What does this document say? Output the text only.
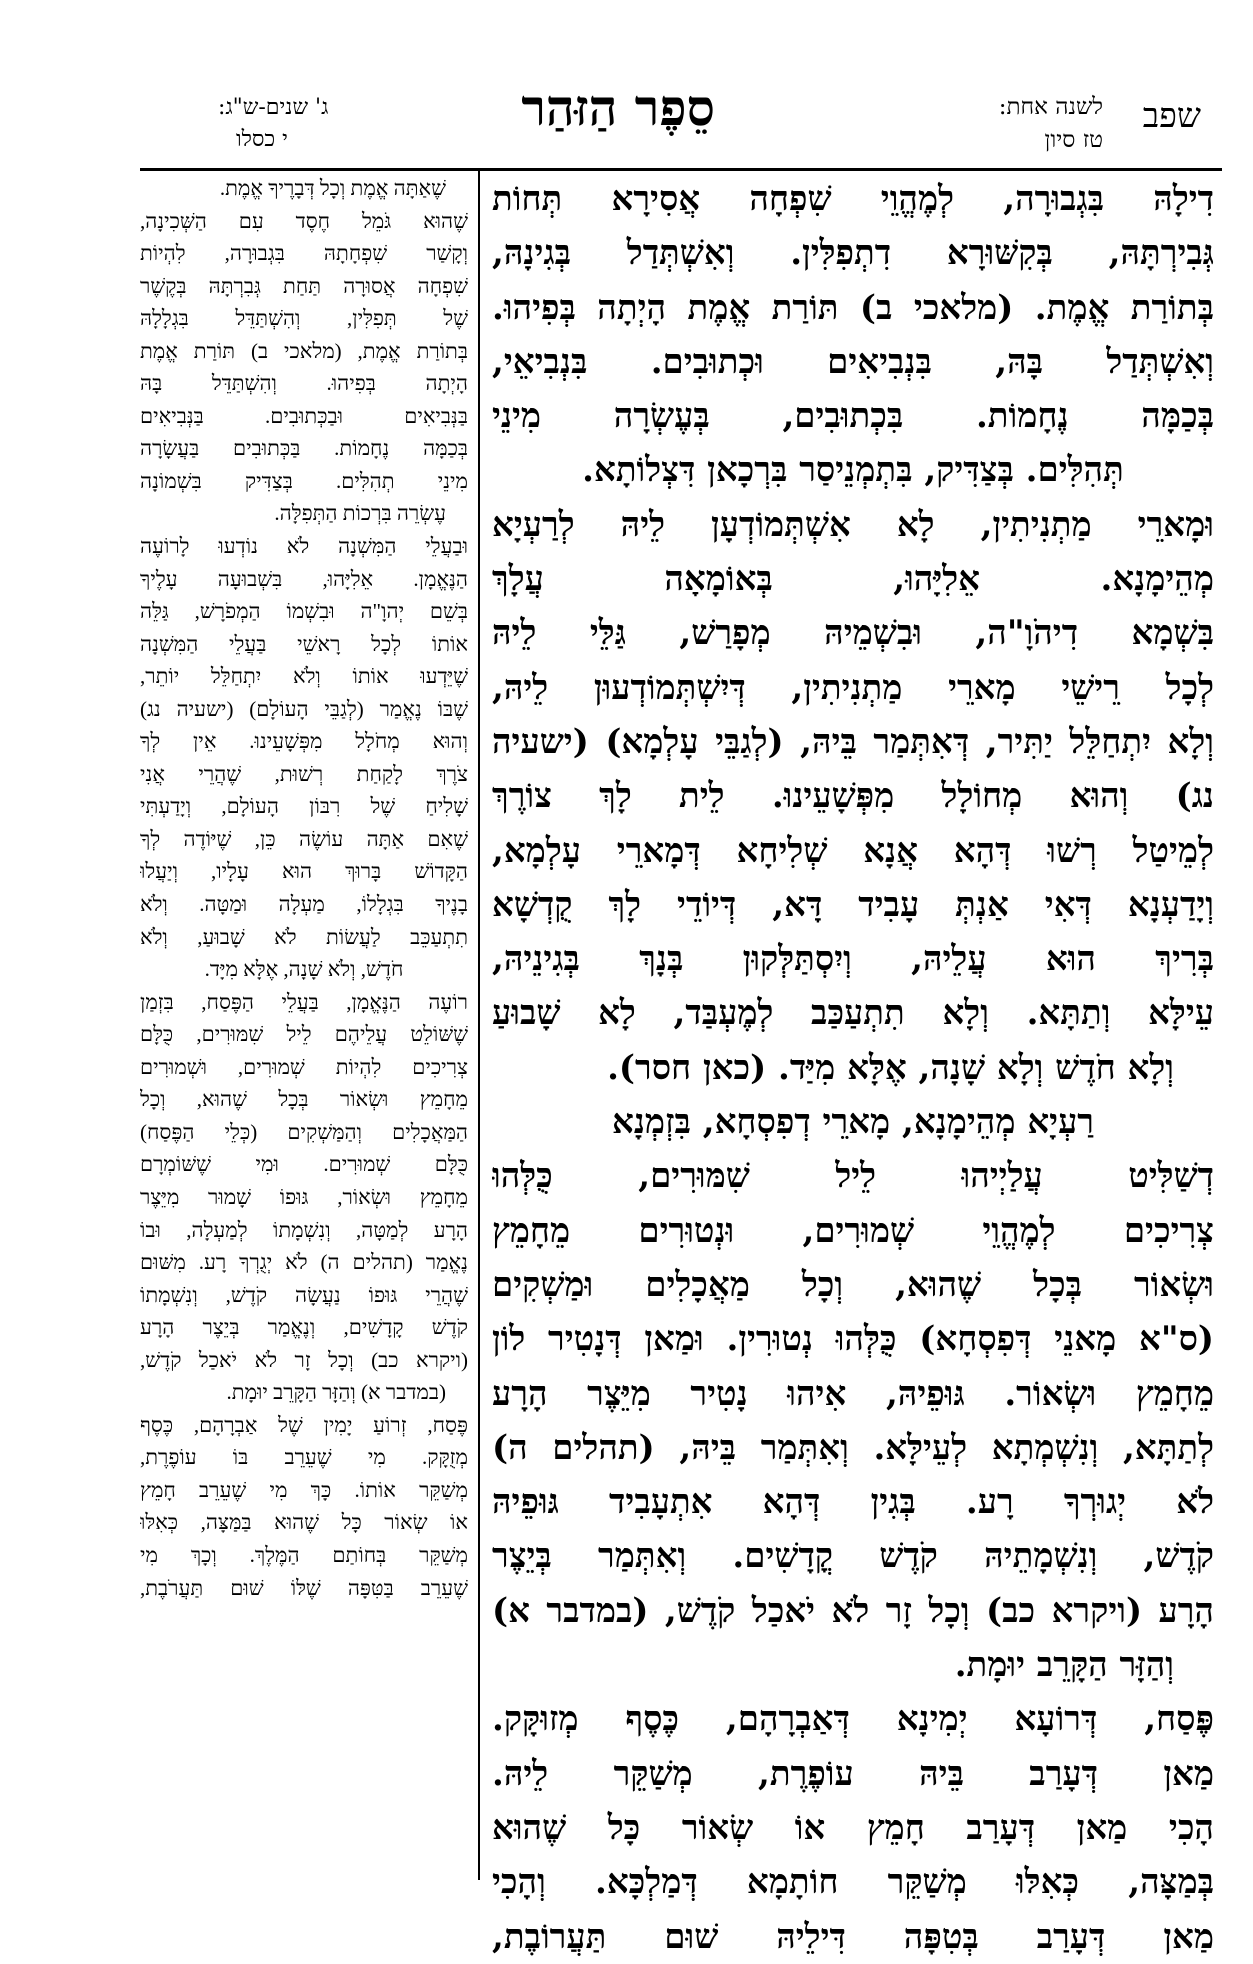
שפב
לשנה אחת:
טז סיון
סֵפֶר הַזּהַר
ג' שנים-ש"ג:
י כסלו
דִילָהּ בִּגְבוּרָה, לְמֶהֱוֵי שִׁפְחָה אֲסִירָא תְּחוֹת
גְּבִירְתָּהּ, בְּקִשּׁוּרָא דִתְפִלִּין. וְאִשְׁתְּדַל בְּגִינָהּ,
בְּתוֹרַת אֱמֶת. (מלאכי ב) תּוֹרַת אֱמֶת הָיְתָה בְּפִיהוּ.
וְאִשְׁתְּדַל בָּהּ, בִּנְבִיאִים וּכְתוּבִים. בִּנְבִיאֵי,
בְּכַמָּה נֶחָמוֹת. בִּכְתוּבִים, בְּעֶשְׂרָה מִינֵי
תְּהִלִּים. בְּצַדִּיק, בִּתְמְנֵיסַר בִּרְכָאן דִּצְלוֹתָא.
וּמָארֵי מַתְנִיתִין, לָא אִשְׁתְּמוֹדְעָן לֵיהּ לְרַעְיָא
מְהֵימָנָא. אֵלִיָּהוּ, בְּאוֹמָאָה עֲלָךְ
בִּשְׁמָא דִיהֹוָ"ה, וּבִשְׁמֵיהּ מְפָרַשׁ, גַּלֵּי לֵיהּ
לְכָל רֵישֵׁי מָארֵי מַתְנִיתִין, דְּיִשְׁתְּמוֹדְעוּן לֵיהּ,
וְלָא יִתְחַלֵּל יַתִּיר, דְּאִתְּמַר בֵּיהּ, (לְגַבֵּי עָלְמָא) (ישעיה
נג) וְהוּא מְחוֹלָל מִפְּשָׁעֵינוּ. לֵית לָךְ צוֹרֶךְ
לְמֵיטַל רְשׁוּ דְּהָא אֲנָא שְׁלִיחָא דְּמָארֵי עָלְמָא,
וְיָדַעְנָא דְּאִי אַנְתְּ עָבִיד דָּא, דְּיוֹדֵי לָךְ קֻדְשָׁא
בְּרִיךְ הוּא עֲלֵיהּ, וְיִסְתַּלְּקוּן בְּנָךְ בְּגִינֵיהּ,
עֵילָּא וְתַתָּא. וְלָא תִתְעַכַּב לְמֶעְבַּד, לָא שָׁבוּעַ
וְלָא חֹדֶשׁ וְלָא שָׁנָה, אֶלָּא מִיַּד. (כאן חסר).
רַעְיָא מְהֵימָנָא, מָארֵי דְפִסְחָא, בִּזְמְנָא
דְשַׁלִּיט עֲלַיְיהוּ לֵיל שִׁמּוּרִים, כֻּלְּהוּ
צְרִיכִים לְמֶהֱוֵי שְׁמוּרִים, וּנְטוּרִים מֵחָמֵץ
וּשְׂאוֹר בְּכָל שֶׁהוּא, וְכָל מַאֲכָלִים וּמַשְׁקִים
(ס"א מָאנֵי דְּפִסְחָא) כֻּלְּהוּ נְטוּרִין. וּמַאן דְּנָטִיר לוֹן
מֵחָמֵץ וּשְׂאוֹר. גּוּפֵיהּ, אִיהוּ נָטִיר מִיֵּצֶר הָרָע
לְתַתָּא, וְנִשְׁמְתָא לְעֵילָּא. וְאִתְּמַר בֵּיהּ, (תהלים ה)
לֹא יְגוּרְךָ רָע. בְּגִין דְּהָא אִתְעָבִיד גּוּפֵיהּ
קֹדֶשׁ, וְנִשְׁמָתֵיהּ קֹדֶשׁ קֳדָשִׁים. וְאִתְּמַר בְּיֵצֶר
הָרָע (ויקרא כב) וְכָל זָר לֹא יֹאכַל קֹדֶשׁ, (במדבר א)
וְהַזָּר הַקָּרֵב יוּמָת.
פֶּסַח, דְּרוֹעָא יְמִינָא דְּאַבְרָהָם, כֶּסֶף מְזוּקָּק.
מַאן דְּעָרַב בֵּיהּ עוֹפֶרֶת, מְשַׁקֵּר לֵיהּ.
הָכִי מַאן דְּעָרַב חָמֵץ אוֹ שְׂאוֹר כָּל שֶׁהוּא
בְּמַצָּה, כְּאִלּוּ מְשַׁקֵּר חוֹתָמָא דְּמַלְכָּא. וְהָכִי
מַאן דְּעָרַב בְּטִפָּה דִּילֵיהּ שׁוּם תַּעֲרוֹבֶת,
שֶׁאַתָּה אֱמֶת וְכָל דְּבָרֶיךָ אֱמֶת.
שֶׁהוּא גֹּמֵל חֶסֶד עִם הַשְּׁכִינָה,
וְקָשַׁר שִׁפְחָתָהּ בִּגְבוּרָה, לִהְיוֹת
שִׁפְחָה אֲסוּרָה תַּחַת גְּבִרְתָּהּ בְּקֶשֶׁר
שֶׁל תְּפִלִּין, וְהִשְׁתַּדֵּל בִּגְלָלָהּ
בְּתוֹרַת אֱמֶת, (מלאכי ב) תּוֹרַת אֱמֶת
הָיְתָה בְּפִיהוּ. וְהִשְׁתַּדֵּל בָּהּ
בַּנְּבִיאִים וּבַכְּתוּבִים. בַּנְּבִיאִים
בְּכַמָּה נֶחָמוֹת. בַּכְּתוּבִים בַּעֲשָׂרָה
מִינֵי תְהִלִּים. בְּצַדִּיק בִּשְׁמוֹנָה
עֶשְׂרֵה בִּרְכוֹת הַתְּפִלָּה.
וּבַעֲלֵי הַמִּשְׁנָה לֹא נוֹדְעוּ לָרוֹעֶה
הַנֶּאֱמָן. אֵלִיָּהוּ, בִּשְׁבוּעָה עָלֶיךָ
בְּשֵׁם יְהוָ"ה וּבִשְׁמוֹ הַמְפֹרָשׁ, גַּלֵּה
אוֹתוֹ לְכָל רָאשֵׁי בַּעֲלֵי הַמִּשְׁנָה
שֶׁיֵּדְעוּ אוֹתוֹ וְלֹא יִתְחַלֵּל יוֹתֵר,
שֶׁבּוֹ נֶאֱמַר (לְגַבֵּי הָעוֹלָם) (ישעיה נג)
וְהוּא מְחֹלָל מִפְּשָׁעֵינוּ. אֵין לְךָ
צֹרֶךְ לָקַחַת רְשׁוּת, שֶׁהֲרֵי אֲנִי
שָׁלִיחַ שֶׁל רִבּוֹן הָעוֹלָם, וְיָדַעְתִּי
שֶׁאִם אַתָּה עוֹשֶׂה כֵּן, שֶׁיּוֹדֶה לְךָ
הַקָּדוֹשׁ בָּרוּךְ הוּא עָלָיו, וְיַעֲלוּ
בָנֶיךָ בִּגְלָלוֹ, מַעְלָה וּמַטָּה. וְלֹא
תִתְעַכֵּב לַעֲשׂוֹת לֹא שָׁבוּעַ, וְלֹא
חֹדֶשׁ, וְלֹא שָׁנָה, אֶלָּא מִיָּד.
רוֹעֶה הַנֶּאֱמָן, בַּעֲלֵי הַפֶּסַח, בִּזְמַן
שֶׁשּׁוֹלֵט עֲלֵיהֶם לֵיל שִׁמּוּרִים, כֻּלָּם
צְרִיכִים לִהְיוֹת שְׁמוּרִים, וּשְׁמוּרִים
מֵחָמֵץ וּשְׂאוֹר בְּכָל שֶׁהוּא, וְכָל
הַמַּאֲכָלִים וְהַמַּשְׁקִים (כְּלֵי הַפֶּסַח)
כֻּלָּם שְׁמוּרִים. וּמִי שֶׁשּׁוֹמְרָם
מֵחָמֵץ וּשְׂאוֹר, גּוּפוֹ שָׁמוּר מִיֵּצֶר
הָרָע לְמַטָּה, וְנִשְׁמָתוֹ לְמַעְלָה, וּבוֹ
נֶאֱמַר (תהלים ה) לֹא יְגֻרְךָ רָע. מִשּׁוּם
שֶׁהֲרֵי גּוּפוֹ נַעֲשָׂה קֹדֶשׁ, וְנִשְׁמָתוֹ
קֹדֶשׁ קָדָשִׁים, וְנֶאֱמַר בְּיֵצֶר הָרָע
(ויקרא כב) וְכָל זָר לֹא יֹאכַל קֹדֶשׁ,
(במדבר א) וְהַזָּר הַקָּרֵב יוּמָת.
פֶּסַח, זְרוֹעַ יָמִין שֶׁל אַבְרָהָם, כֶּסֶף
מְזֻקָּק. מִי שֶׁעֵרֵב בּוֹ עוֹפֶרֶת,
מְשַׁקֵּר אוֹתוֹ. כָּךְ מִי שֶׁעֵרֵב חָמֵץ
אוֹ שְׂאוֹר כָּל שֶׁהוּא בַּמַּצָּה, כְּאִלּוּ
מְשַׁקֵּר בְּחוֹתַם הַמֶּלֶךְ. וְכָךְ מִי
שֶׁעֵרֵב בַּטִּפָּה שֶׁלּוֹ שׁוּם תַּעֲרֹבֶת,
